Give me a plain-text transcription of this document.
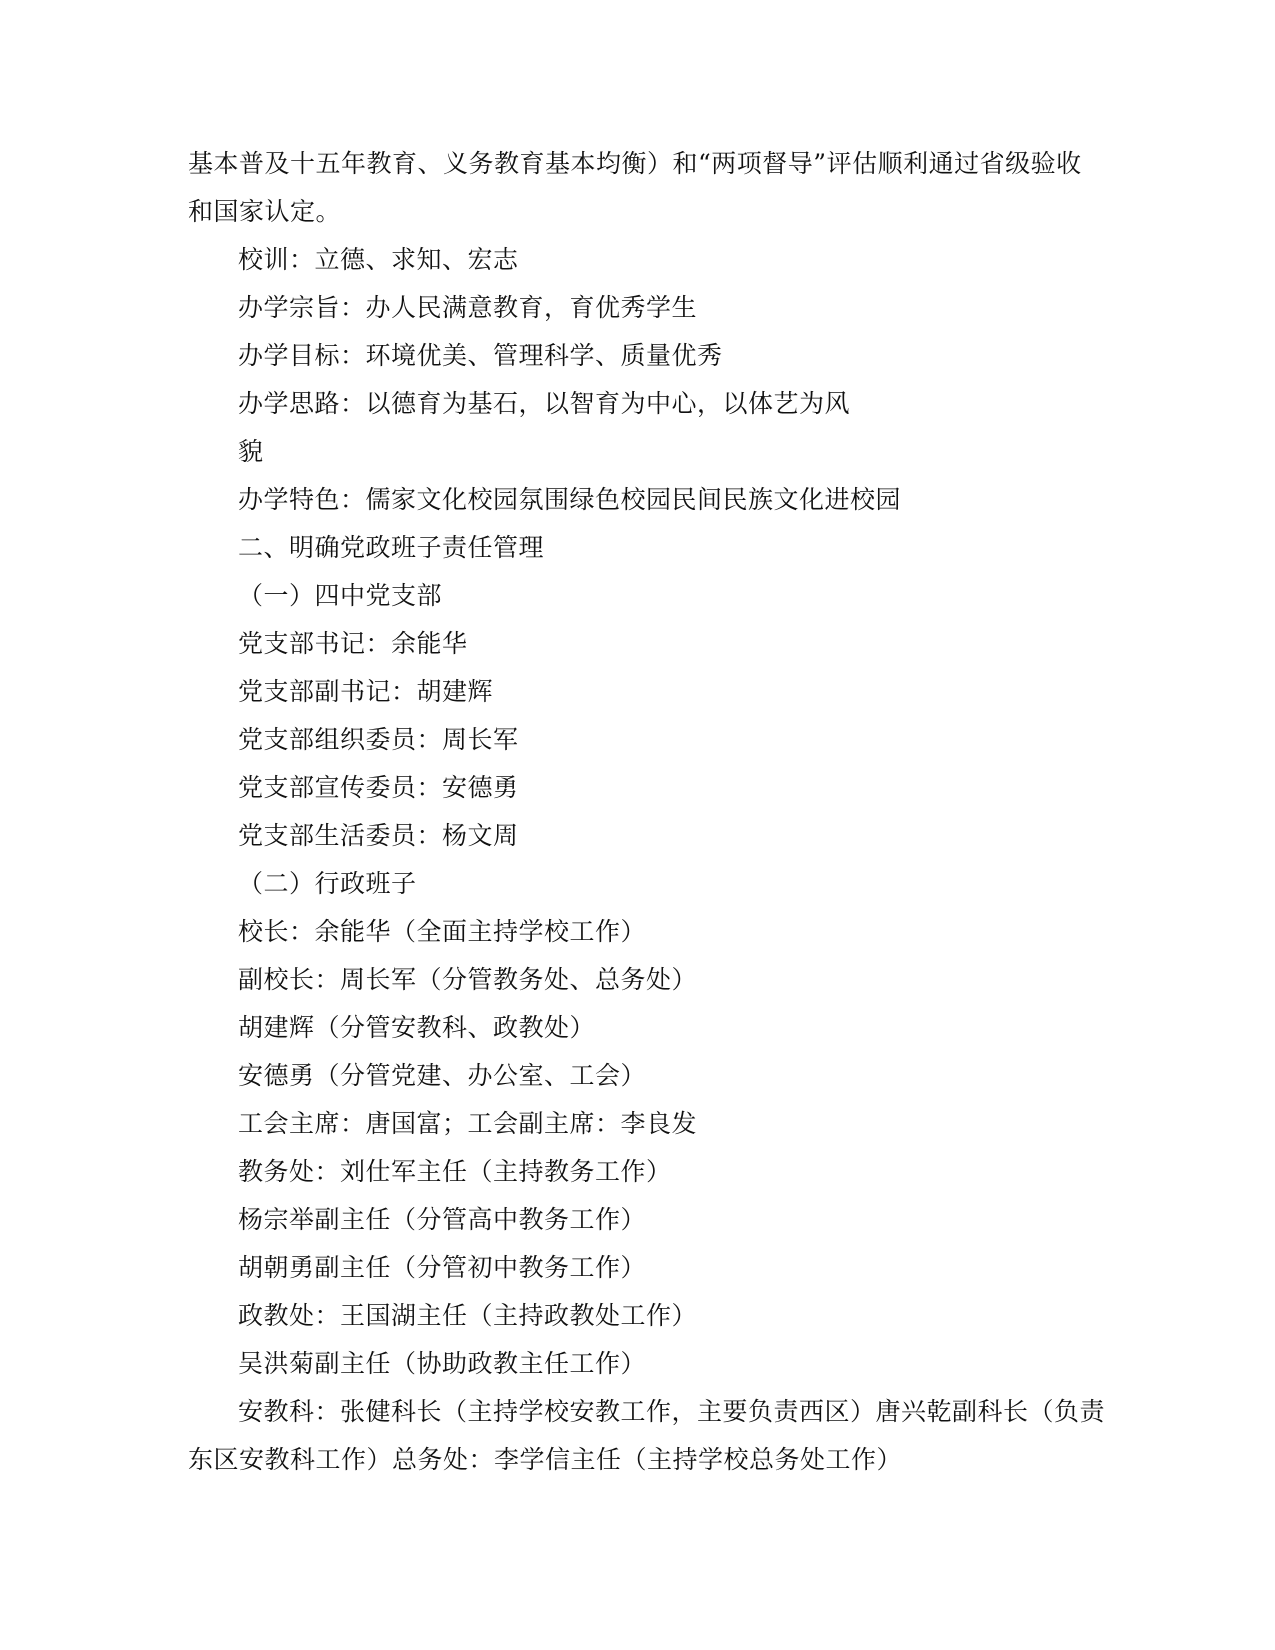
基本普及十五年教育、义务教育基本均衡）和“两项督导”评估顺利通过省级验收
和国家认定。
校训：立德、求知、宏志
办学宗旨：办人民满意教育，育优秀学生
办学目标：环境优美、管理科学、质量优秀
办学思路：以德育为基石，以智育为中心，以体艺为风
貌
办学特色：儒家文化校园氛围绿色校园民间民族文化进校园
二、明确党政班子责任管理
（一）四中党支部
党支部书记：余能华
党支部副书记：胡建辉
党支部组织委员：周长军
党支部宣传委员：安德勇
党支部生活委员：杨文周
（二）行政班子
校长：余能华（全面主持学校工作）
副校长：周长军（分管教务处、总务处）
胡建辉（分管安教科、政教处）
安德勇（分管党建、办公室、工会）
工会主席：唐国富；工会副主席：李良发
教务处：刘仕军主任（主持教务工作）
杨宗举副主任（分管高中教务工作）
胡朝勇副主任（分管初中教务工作）
政教处：王国湖主任（主持政教处工作）
吴洪菊副主任（协助政教主任工作）
安教科：张健科长（主持学校安教工作，主要负责西区）唐兴乾副科长（负责
东区安教科工作）总务处：李学信主任（主持学校总务处工作）
